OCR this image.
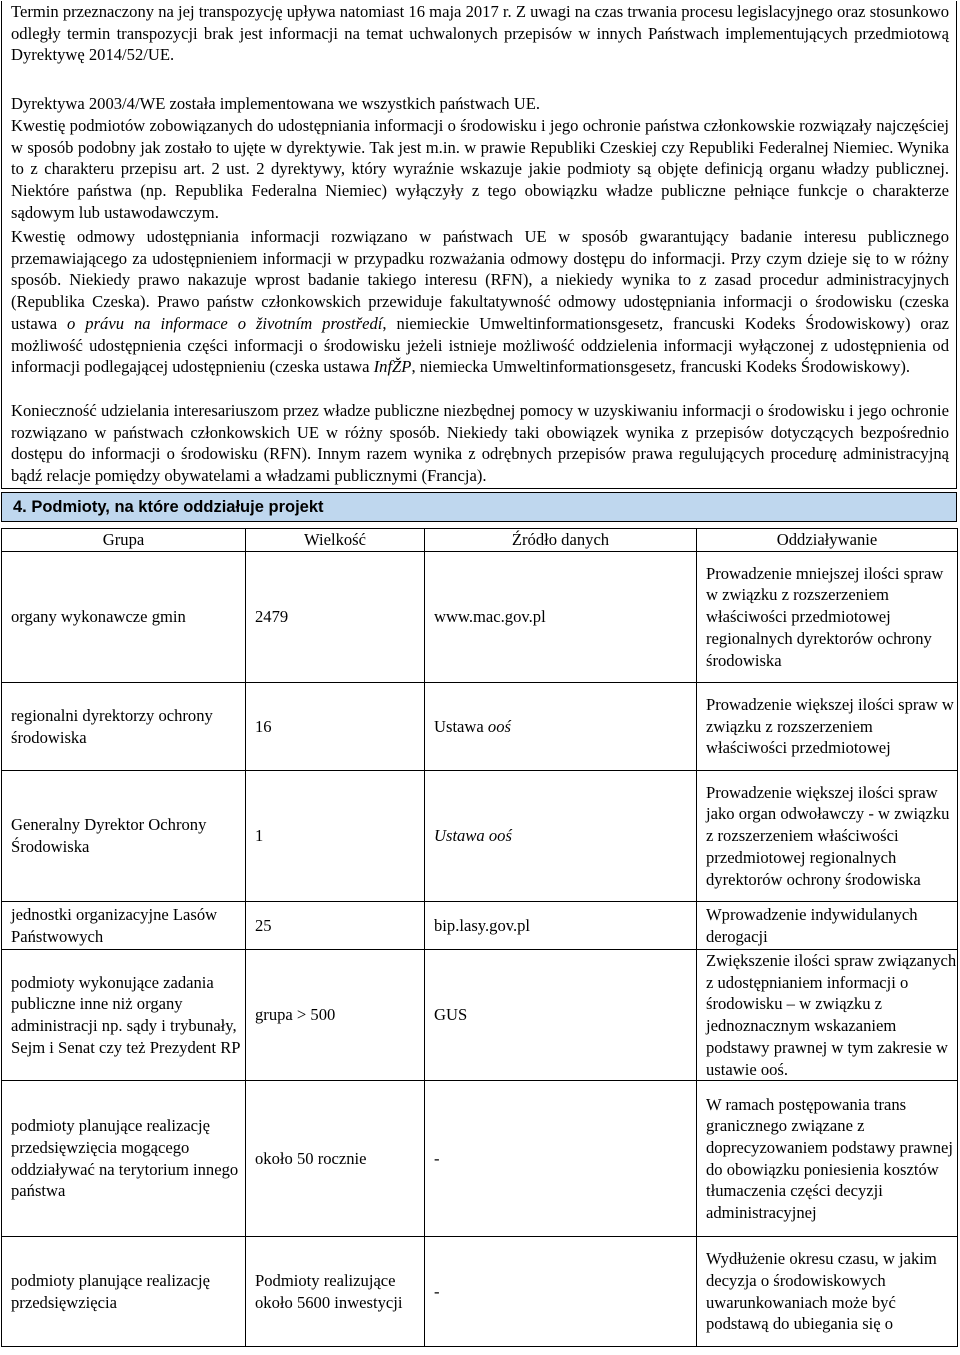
Termin przeznaczony na jej transpozycję upływa natomiast 16 maja 2017 r. Z uwagi na czas trwania procesu legislacyjnego oraz stosunkowo odległy termin transpozycji brak jest informacji na temat uchwalonych przepisów w innych Państwach implementujących przedmiotową Dyrektywę 2014/52/UE.

Dyrektywa 2003/4/WE została implementowana we wszystkich państwach UE.

Kwestię podmiotów zobowiązanych do udostępniania informacji o środowisku i jego ochronie państwa członkowskie rozwiązały najczęściej w sposób podobny jak zostało to ujęte w dyrektywie. Tak jest m.in. w prawie Republiki Czeskiej czy Republiki Federalnej Niemiec. Wynika to z charakteru przepisu art. 2 ust. 2 dyrektywy, który wyraźnie wskazuje jakie podmioty są objęte definicją organu władzy publicznej. Niektóre państwa (np. Republika Federalna Niemiec) wyłączyły z tego obowiązku władze publiczne pełniące funkcje o charakterze sądowym lub ustawodawczym.

Kwestię odmowy udostępniania informacji rozwiązano w państwach UE w sposób gwarantujący badanie interesu publicznego przemawiającego za udostępnieniem informacji w przypadku rozważania odmowy dostępu do informacji. Przy czym dzieje się to w różny sposób. Niekiedy prawo nakazuje wprost badanie takiego interesu (RFN), a niekiedy wynika to z zasad procedur administracyjnych (Republika Czeska). Prawo państw członkowskich przewiduje fakultatywność odmowy udostępniania informacji o środowisku (czeska ustawa o právu na informace o životním prostředí, niemieckie Umweltinformationsgesetz, francuski Kodeks Środowiskowy) oraz możliwość udostępnienia części informacji o środowisku jeżeli istnieje możliwość oddzielenia informacji wyłączonej z udostępnienia od informacji podlegającej udostępnieniu (czeska ustawa InfŽP, niemiecka Umweltinformationsgesetz, francuski Kodeks Środowiskowy).

Konieczność udzielania interesariuszom przez władze publiczne niezbędnej pomocy w uzyskiwaniu informacji o środowisku i jego ochronie rozwiązano w państwach członkowskich UE w różny sposób. Niekiedy taki obowiązek wynika z przepisów dotyczących bezpośrednio dostępu do informacji o środowisku (RFN). Innym razem wynika z odrębnych przepisów prawa regulujących procedurę administracyjną bądź relacje pomiędzy obywatelami a władzami publicznymi (Francja).

4. Podmioty, na które oddziałuje projekt
Grupa	Wielkość	Źródło danych	Oddziaływanie
organy wykonawcze gmin	2479	www.mac.gov.pl	Prowadzenie mniejszej ilości spraw w związku z rozszerzeniem właściwości przedmiotowej regionalnych dyrektorów ochrony środowiska
regionalni dyrektorzy ochrony środowiska	16	Ustawa ooś	Prowadzenie większej ilości spraw w związku z rozszerzeniem właściwości przedmiotowej
Generalny Dyrektor Ochrony Środowiska	1	Ustawa ooś	Prowadzenie większej ilości spraw jako organ odwoławczy - w związku z rozszerzeniem właściwości przedmiotowej regionalnych dyrektorów ochrony środowiska
jednostki organizacyjne Lasów Państwowych	25	bip.lasy.gov.pl	Wprowadzenie indywidulanych derogacji
podmioty wykonujące zadania publiczne inne niż organy administracji np. sądy i trybunały, Sejm i Senat czy też Prezydent RP	grupa > 500	GUS	Zwiększenie ilości spraw związanych z udostępnianiem informacji o środowisku – w związku z jednoznacznym wskazaniem podstawy prawnej w tym zakresie w ustawie ooś.
podmioty planujące realizację przedsięwzięcia mogącego oddziaływać na terytorium innego państwa	około 50 rocznie	-	W ramach postępowania trans granicznego związane z doprecyzowaniem podstawy prawnej do obowiązku poniesienia kosztów tłumaczenia części decyzji administracyjnej
podmioty planujące realizację przedsięwzięcia	Podmioty realizujące około 5600 inwestycji	-	Wydłużenie okresu czasu, w jakim decyzja o środowiskowych uwarunkowaniach może być podstawą do ubiegania się o
